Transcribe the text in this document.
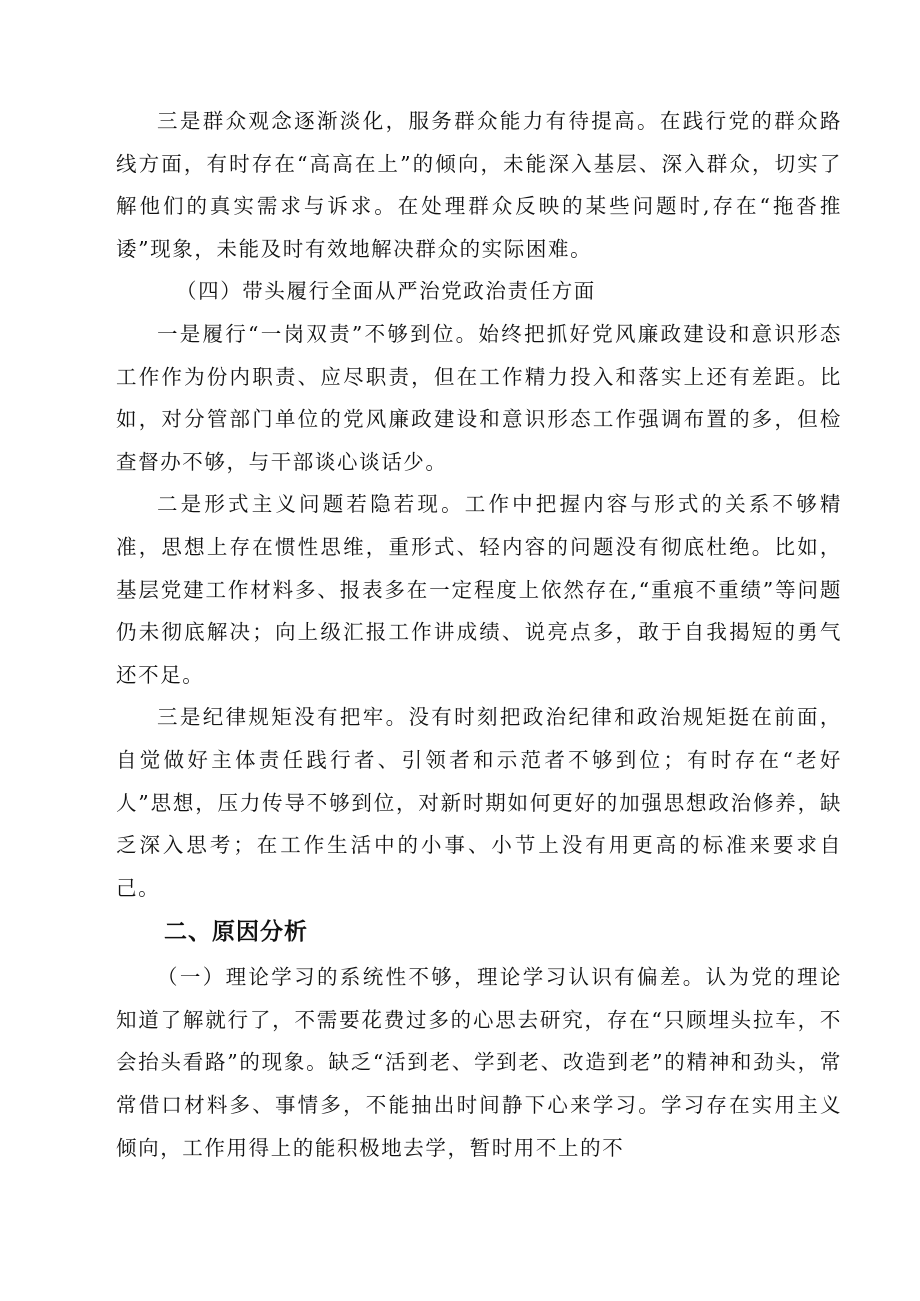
三是群众观念逐渐淡化，服务群众能力有待提高。在践行党的群众路线方面，有时存在“高高在上”的倾向，未能深入基层、深入群众，切实了解他们的真实需求与诉求。在处理群众反映的某些问题时,存在“拖沓推诿”现象，未能及时有效地解决群众的实际困难。

（四）带头履行全面从严治党政治责任方面

一是履行“一岗双责”不够到位。始终把抓好党风廉政建设和意识形态工作作为份内职责、应尽职责，但在工作精力投入和落实上还有差距。比如，对分管部门单位的党风廉政建设和意识形态工作强调布置的多，但检查督办不够，与干部谈心谈话少。

二是形式主义问题若隐若现。工作中把握内容与形式的关系不够精准，思想上存在惯性思维，重形式、轻内容的问题没有彻底杜绝。比如，基层党建工作材料多、报表多在一定程度上依然存在,“重痕不重绩”等问题仍未彻底解决；向上级汇报工作讲成绩、说亮点多，敢于自我揭短的勇气还不足。

三是纪律规矩没有把牢。没有时刻把政治纪律和政治规矩挺在前面，自觉做好主体责任践行者、引领者和示范者不够到位；有时存在“老好人”思想，压力传导不够到位，对新时期如何更好的加强思想政治修养，缺乏深入思考；在工作生活中的小事、小节上没有用更高的标准来要求自己。

二、原因分析

（一）理论学习的系统性不够，理论学习认识有偏差。认为党的理论知道了解就行了，不需要花费过多的心思去研究，存在“只顾埋头拉车，不会抬头看路”的现象。缺乏“活到老、学到老、改造到老”的精神和劲头，常常借口材料多、事情多，不能抽出时间静下心来学习。学习存在实用主义倾向，工作用得上的能积极地去学，暂时用不上的不
